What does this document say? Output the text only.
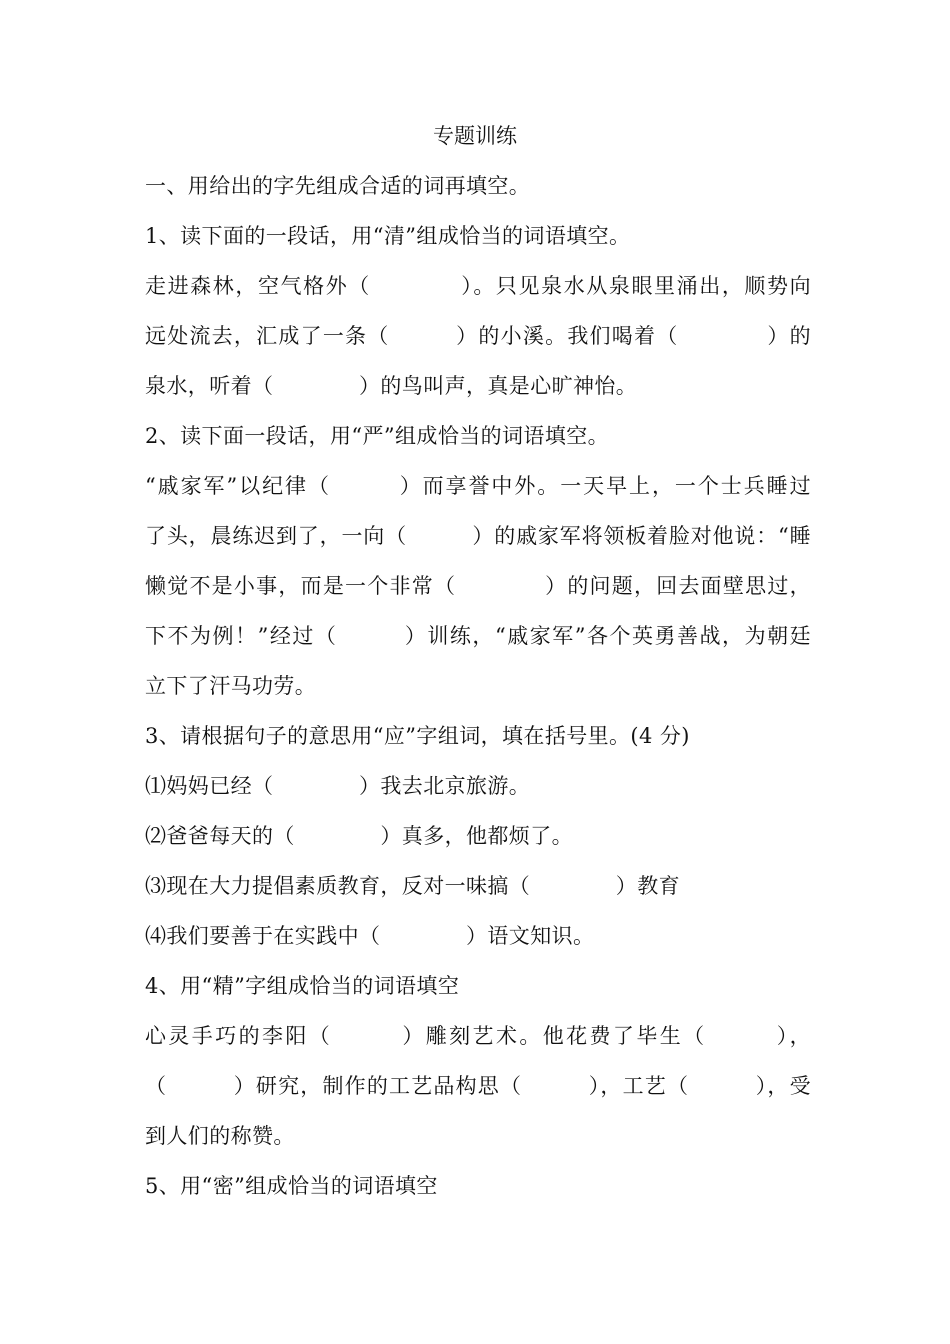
专题训练
一、用给出的字先组成合适的词再填空。
1、读下面的一段话，用“清”组成恰当的词语填空。
走进森林，空气格外（　　　　）。只见泉水从泉眼里涌出，顺势向
远处流去，汇成了一条（　　　）的小溪。我们喝着（　　　　）的
泉水，听着（　　　　）的鸟叫声，真是心旷神怡。
2、读下面一段话，用“严”组成恰当的词语填空。
“戚家军”以纪律（　　　）而享誉中外。一天早上，一个士兵睡过
了头，晨练迟到了，一向（　　　）的戚家军将领板着脸对他说：“睡
懒觉不是小事，而是一个非常（　　　　）的问题，回去面壁思过，
下不为例！”经过（　　　）训练，“戚家军”各个英勇善战，为朝廷
立下了汗马功劳。
3、请根据句子的意思用“应”字组词，填在括号里。(4 分)
⑴妈妈已经（　　　　）我去北京旅游。
⑵爸爸每天的（　　　　）真多，他都烦了。
⑶现在大力提倡素质教育，反对一味搞（　　　　）教育
⑷我们要善于在实践中（　　　　）语文知识。
4、用“精”字组成恰当的词语填空
心灵手巧的李阳（　　　）雕刻艺术。他花费了毕生（　　　），
（　　　）研究，制作的工艺品构思（　　　），工艺（　　　），受
到人们的称赞。
5、用“密”组成恰当的词语填空
